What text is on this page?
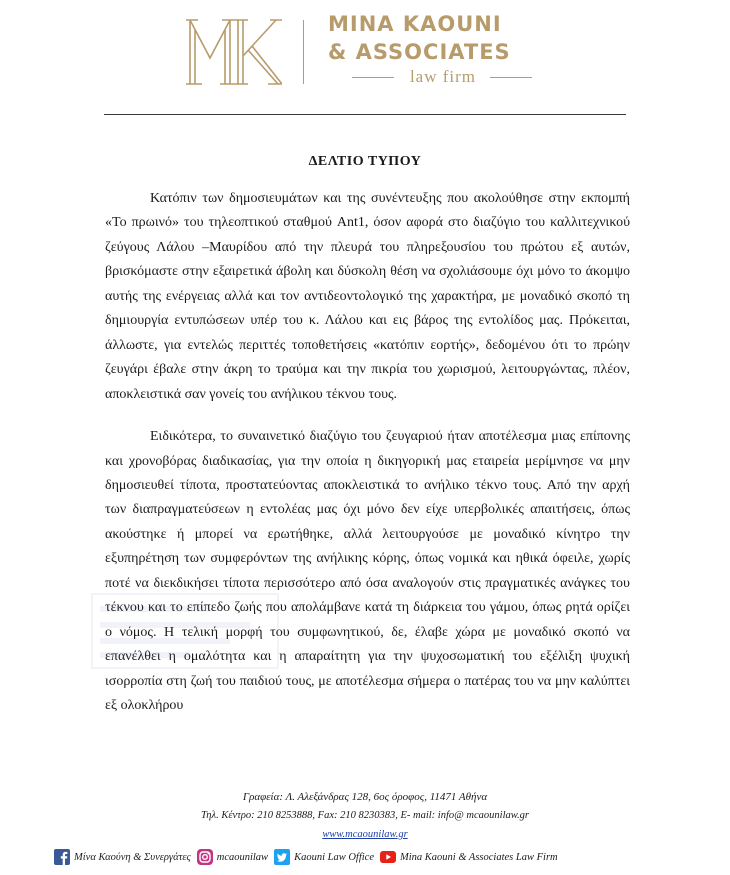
MINA KAOUNI
& ASSOCIATES
law firm
ΔΕΛΤΙΟ ΤΥΠΟΥ

Κατόπιν των δημοσιευμάτων και της συνέντευξης που ακολούθησε στην εκπομπή «Το πρωινό» του τηλεοπτικού σταθμού Ant1, όσον αφορά στο διαζύγιο του καλλιτεχνικού ζεύγους Λάλου –Μαυρίδου από την πλευρά του πληρεξουσίου του πρώτου εξ αυτών, βρισκόμαστε στην εξαιρετικά άβολη και δύσκολη θέση να σχολιάσουμε όχι μόνο το άκομψο αυτής της ενέργειας αλλά και τον αντιδεοντολογικό της χαρακτήρα, με μοναδικό σκοπό τη δημιουργία εντυπώσεων υπέρ του κ. Λάλου και εις βάρος της εντολίδος μας. Πρόκειται, άλλωστε, για εντελώς περιττές τοποθετήσεις «κατόπιν εορτής», δεδομένου ότι το πρώην ζευγάρι έβαλε στην άκρη το τραύμα και την πικρία του χωρισμού, λειτουργώντας, πλέον, αποκλειστικά σαν γονείς του ανήλικου τέκνου τους.

Ειδικότερα, το συναινετικό διαζύγιο του ζευγαριού ήταν αποτέλεσμα μιας επίπονης και χρονοβόρας διαδικασίας, για την οποία η δικηγορική μας εταιρεία μερίμνησε να μην δημοσιευθεί τίποτα, προστατεύοντας αποκλειστικά το ανήλικο τέκνο τους. Από την αρχή των διαπραγματεύσεων η εντολέας μας όχι μόνο δεν είχε υπερβολικές απαιτήσεις, όπως ακούστηκε ή μπορεί να ερωτήθηκε, αλλά λειτουργούσε με μοναδικό κίνητρο την εξυπηρέτηση των συμφερόντων της ανήλικης κόρης, όπως νομικά και ηθικά όφειλε, χωρίς ποτέ να διεκδικήσει τίποτα περισσότερο από όσα αναλογούν στις πραγματικές ανάγκες του τέκνου και το επίπεδο ζωής που απολάμβανε κατά τη διάρκεια του γάμου, όπως ρητά ορίζει ο νόμος. Η τελική μορφή του συμφωνητικού, δε, έλαβε χώρα με μοναδικό σκοπό να επανέλθει η ομαλότητα και η απαραίτητη για την ψυχοσωματική του εξέλιξη ψυχική ισορροπία στη ζωή του παιδιού τους, με αποτέλεσμα σήμερα ο πατέρας του να μην καλύπτει εξ ολοκλήρου

Γραφεία: Λ. Αλεξάνδρας 128, 6ος όροφος, 11471 Αθήνα
Τηλ. Κέντρο: 210 8253888, Fax: 210 8230383, E- mail: info@ mcaounilaw.gr
www.mcaounilaw.gr
Μίνα Καούνη & Συνεργάτες mcaounilaw Kaouni Law Office Mina Kaouni & Associates Law Firm
